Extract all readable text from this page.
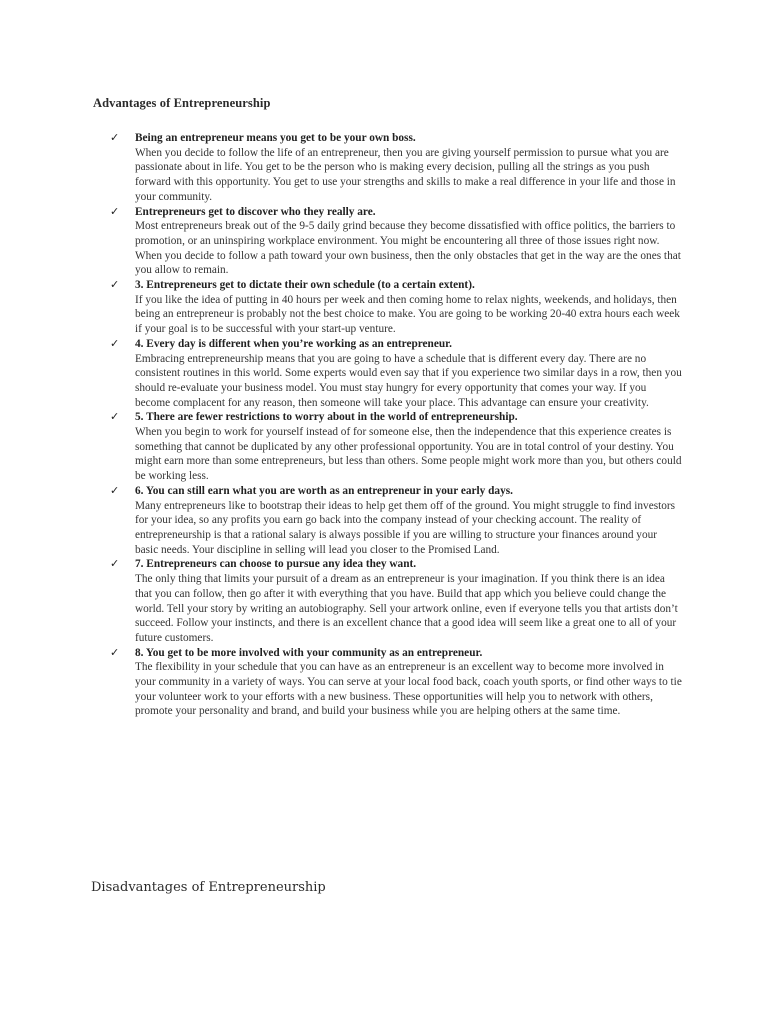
Advantages of Entrepreneurship
✓ Being an entrepreneur means you get to be your own boss.
When you decide to follow the life of an entrepreneur, then you are giving yourself permission to pursue what you are passionate about in life. You get to be the person who is making every decision, pulling all the strings as you push forward with this opportunity. You get to use your strengths and skills to make a real difference in your life and those in your community.
✓ Entrepreneurs get to discover who they really are.
Most entrepreneurs break out of the 9-5 daily grind because they become dissatisfied with office politics, the barriers to promotion, or an uninspiring workplace environment. You might be encountering all three of those issues right now. When you decide to follow a path toward your own business, then the only obstacles that get in the way are the ones that you allow to remain.
✓ 3. Entrepreneurs get to dictate their own schedule (to a certain extent).
If you like the idea of putting in 40 hours per week and then coming home to relax nights, weekends, and holidays, then being an entrepreneur is probably not the best choice to make. You are going to be working 20-40 extra hours each week if your goal is to be successful with your start-up venture.
✓ 4. Every day is different when you’re working as an entrepreneur.
Embracing entrepreneurship means that you are going to have a schedule that is different every day. There are no consistent routines in this world. Some experts would even say that if you experience two similar days in a row, then you should re-evaluate your business model. You must stay hungry for every opportunity that comes your way. If you become complacent for any reason, then someone will take your place. This advantage can ensure your creativity.
✓ 5. There are fewer restrictions to worry about in the world of entrepreneurship.
When you begin to work for yourself instead of for someone else, then the independence that this experience creates is something that cannot be duplicated by any other professional opportunity. You are in total control of your destiny. You might earn more than some entrepreneurs, but less than others. Some people might work more than you, but others could be working less.
✓ 6. You can still earn what you are worth as an entrepreneur in your early days.
Many entrepreneurs like to bootstrap their ideas to help get them off of the ground. You might struggle to find investors for your idea, so any profits you earn go back into the company instead of your checking account. The reality of entrepreneurship is that a rational salary is always possible if you are willing to structure your finances around your basic needs. Your discipline in selling will lead you closer to the Promised Land.
✓ 7. Entrepreneurs can choose to pursue any idea they want.
The only thing that limits your pursuit of a dream as an entrepreneur is your imagination. If you think there is an idea that you can follow, then go after it with everything that you have. Build that app which you believe could change the world. Tell your story by writing an autobiography. Sell your artwork online, even if everyone tells you that artists don’t succeed. Follow your instincts, and there is an excellent chance that a good idea will seem like a great one to all of your future customers.
✓ 8. You get to be more involved with your community as an entrepreneur.
The flexibility in your schedule that you can have as an entrepreneur is an excellent way to become more involved in your community in a variety of ways. You can serve at your local food back, coach youth sports, or find other ways to tie your volunteer work to your efforts with a new business. These opportunities will help you to network with others, promote your personality and brand, and build your business while you are helping others at the same time.
Disadvantages of Entrepreneurship
